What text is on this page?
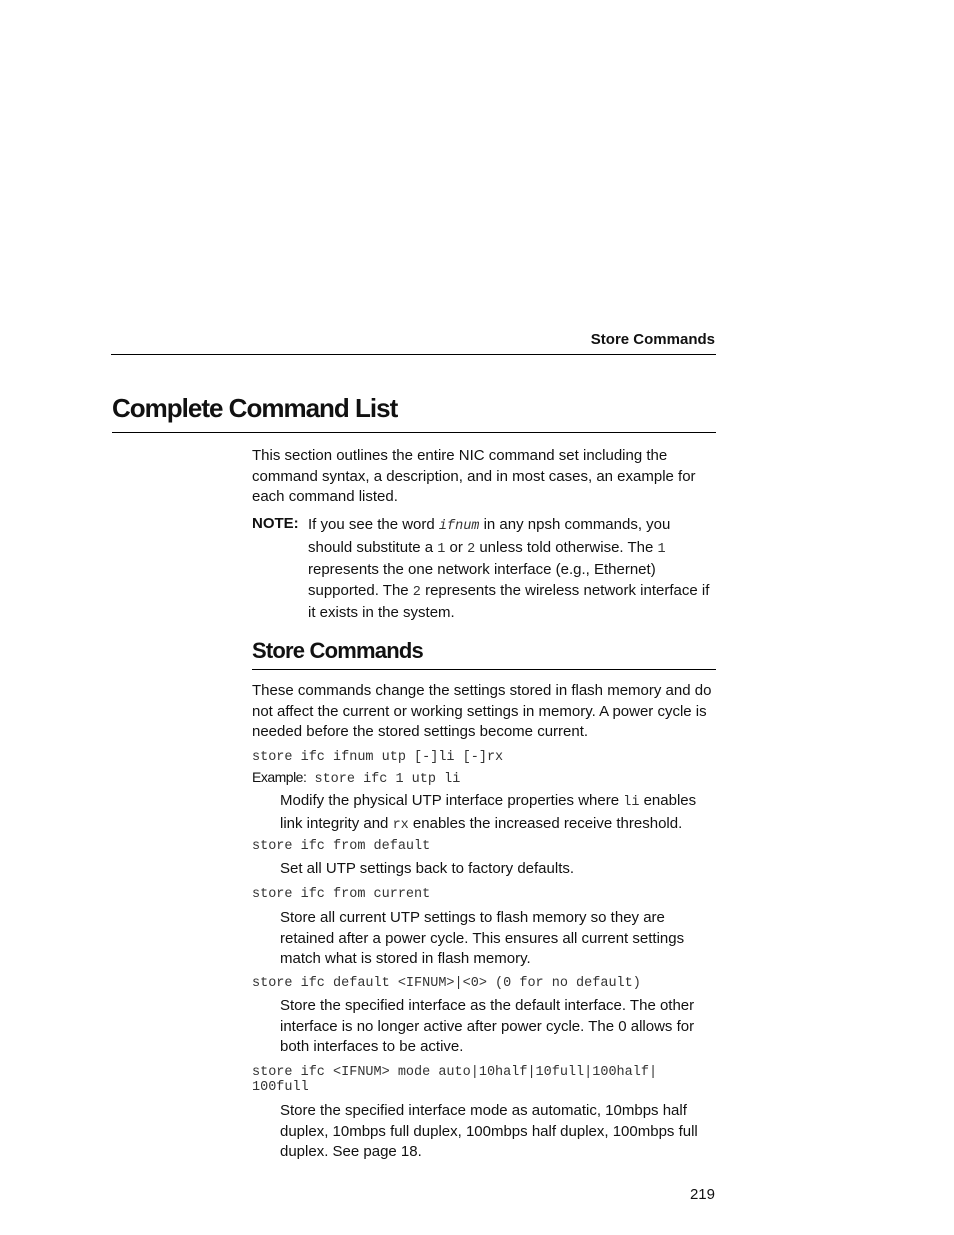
Store Commands
Complete Command List
This section outlines the entire NIC command set including the command syntax, a description, and in most cases, an example for each command listed.
NOTE: If you see the word ifnum in any npsh commands, you should substitute a 1 or 2 unless told otherwise. The 1 represents the one network interface (e.g., Ethernet) supported. The 2 represents the wireless network interface if it exists in the system.
Store Commands
These commands change the settings stored in flash memory and do not affect the current or working settings in memory. A power cycle is needed before the stored settings become current.
store ifc ifnum utp [-]li [-]rx
Example: store ifc 1 utp li
Modify the physical UTP interface properties where li enables link integrity and rx enables the increased receive threshold.
store ifc from default
Set all UTP settings back to factory defaults.
store ifc from current
Store all current UTP settings to flash memory so they are retained after a power cycle. This ensures all current settings match what is stored in flash memory.
store ifc default <IFNUM>|<0> (0 for no default)
Store the specified interface as the default interface. The other interface is no longer active after power cycle. The 0 allows for both interfaces to be active.
store ifc <IFNUM> mode auto|10half|10full|100half|
100full
Store the specified interface mode as automatic, 10mbps half duplex, 10mbps full duplex, 100mbps half duplex, 100mbps full duplex. See page 18.
219
